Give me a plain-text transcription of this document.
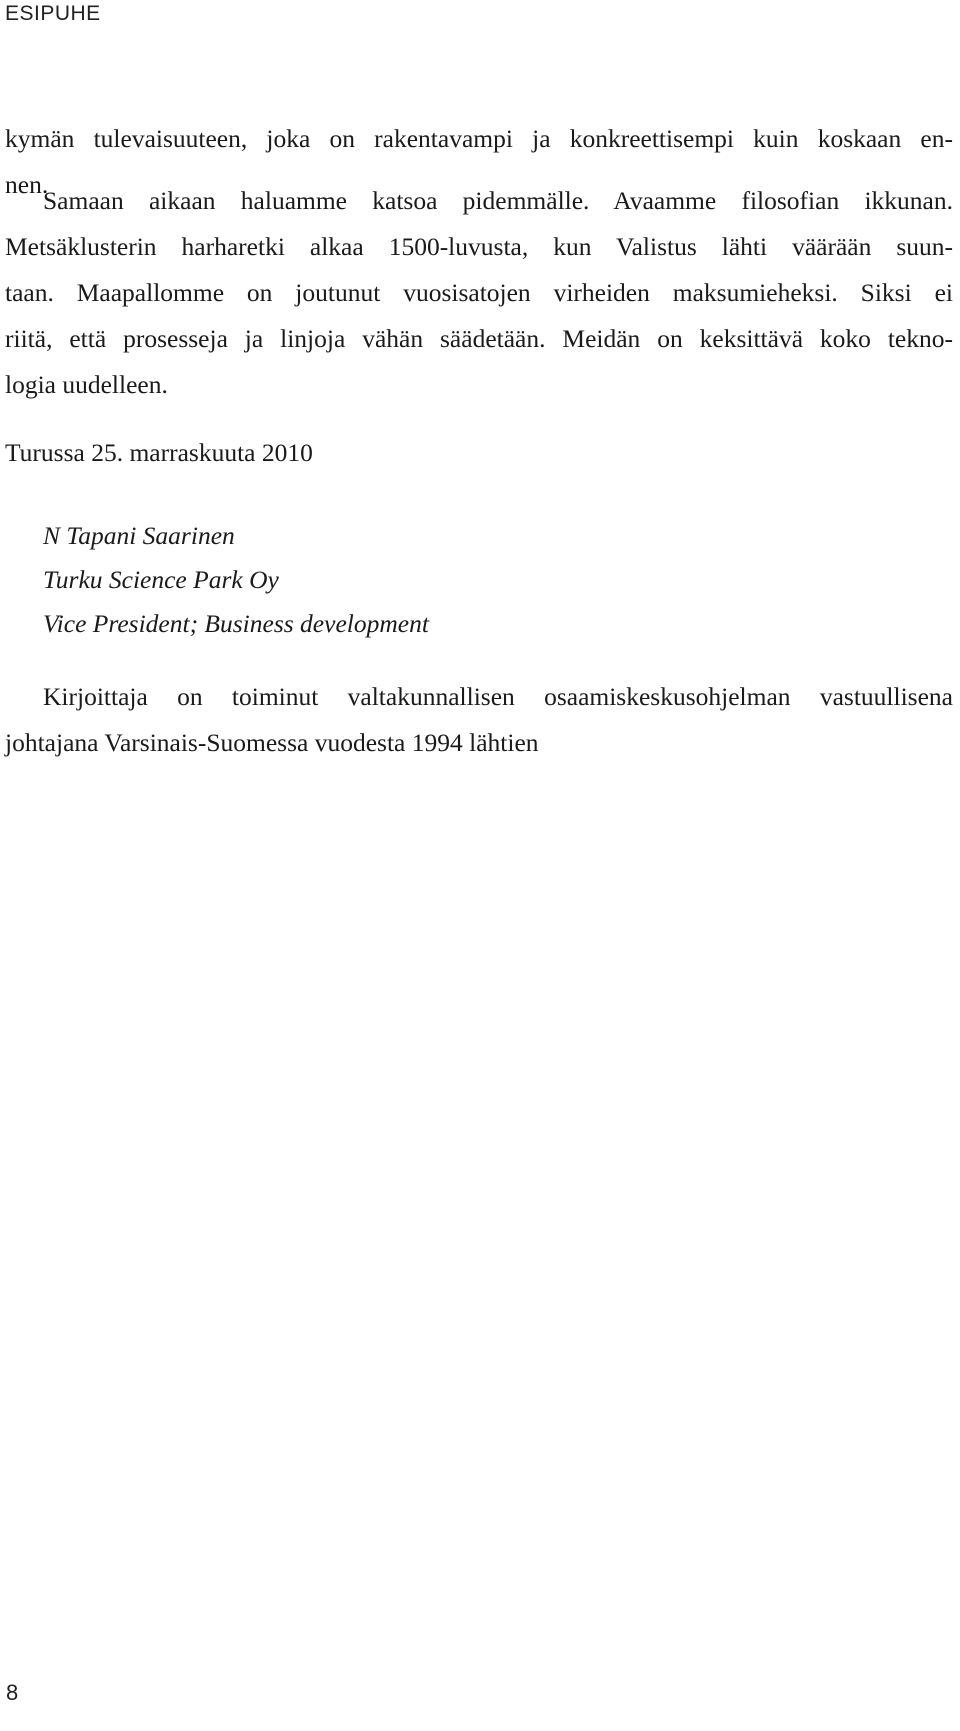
ESIPUHE
kymän tulevaisuuteen, joka on rakentavampi ja konkreettisempi kuin koskaan en-
nen.
Samaan aikaan haluamme katsoa pidemmälle. Avaamme filosofian ikkunan.
Metsäklusterin harharetki alkaa 1500-luvusta, kun Valistus lähti väärään suun-
taan. Maapallomme on joutunut vuosisatojen virheiden maksumieheksi. Siksi ei
riitä, että prosesseja ja linjoja vähän säädetään. Meidän on keksittävä koko tekno-
logia uudelleen.
Turussa 25. marraskuuta 2010
N Tapani Saarinen
Turku Science Park Oy
Vice President; Business development
Kirjoittaja on toiminut valtakunnallisen osaamiskeskusohjelman vastuullisena
johtajana Varsinais-Suomessa vuodesta 1994 lähtien
8
